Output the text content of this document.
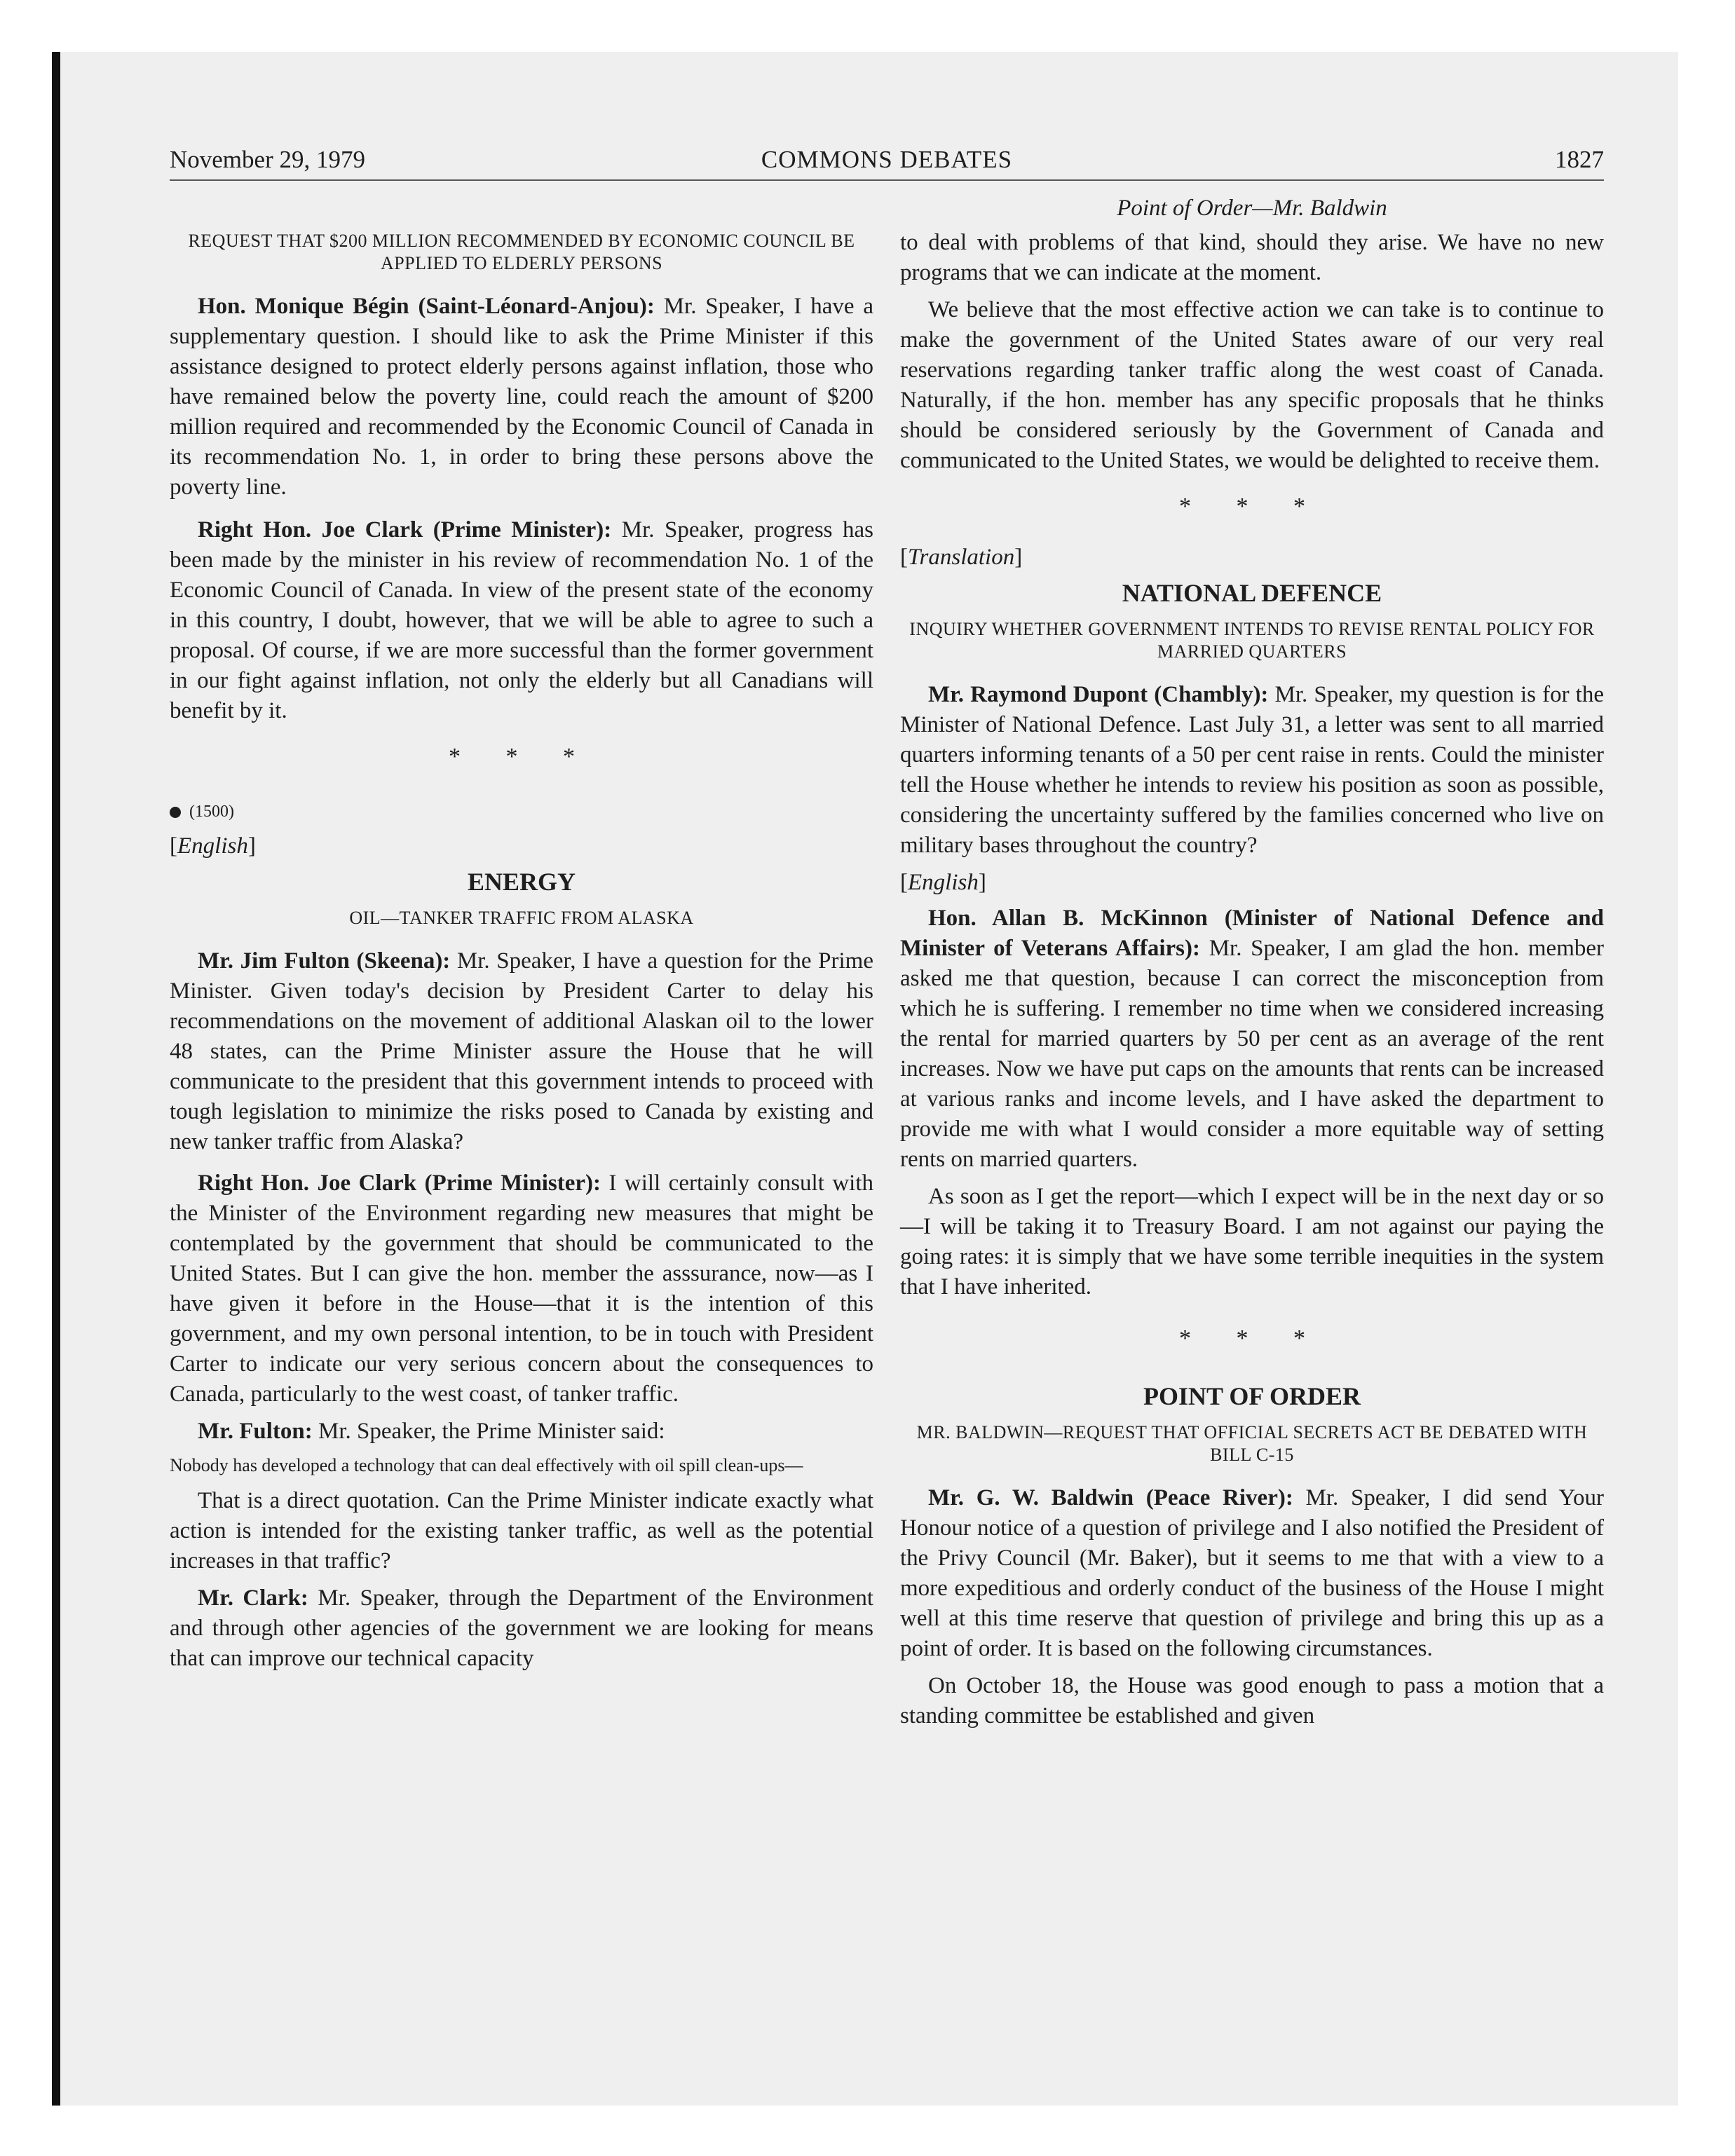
November 29, 1979	COMMONS DEBATES	1827
REQUEST THAT $200 MILLION RECOMMENDED BY ECONOMIC COUNCIL BE APPLIED TO ELDERLY PERSONS

Hon. Monique Bégin (Saint-Léonard-Anjou): Mr. Speaker, I have a supplementary question. I should like to ask the Prime Minister if this assistance designed to protect elderly persons against inflation, those who have remained below the poverty line, could reach the amount of $200 million required and recommended by the Economic Council of Canada in its recommendation No. 1, in order to bring these persons above the poverty line.

Right Hon. Joe Clark (Prime Minister): Mr. Speaker, progress has been made by the minister in his review of recommendation No. 1 of the Economic Council of Canada. In view of the present state of the economy in this country, I doubt, however, that we will be able to agree to such a proposal. Of course, if we are more successful than the former government in our fight against inflation, not only the elderly but all Canadians will benefit by it.

* * *
(1500)
[ English ]
ENERGY
OIL—TANKER TRAFFIC FROM ALASKA

Mr. Jim Fulton (Skeena): Mr. Speaker, I have a question for the Prime Minister. Given today's decision by President Carter to delay his recommendations on the movement of additional Alaskan oil to the lower 48 states, can the Prime Minister assure the House that he will communicate to the president that this government intends to proceed with tough legislation to minimize the risks posed to Canada by existing and new tanker traffic from Alaska?

Right Hon. Joe Clark (Prime Minister): I will certainly consult with the Minister of the Environment regarding new measures that might be contemplated by the government that should be communicated to the United States. But I can give the hon. member the asssurance, now—as I have given it before in the House—that it is the intention of this government, and my own personal intention, to be in touch with President Carter to indicate our very serious concern about the consequences to Canada, particularly to the west coast, of tanker traffic.

Mr. Fulton: Mr. Speaker, the Prime Minister said:

Nobody has developed a technology that can deal effectively with oil spill clean-ups—

That is a direct quotation. Can the Prime Minister indicate exactly what action is intended for the existing tanker traffic, as well as the potential increases in that traffic?

Mr. Clark: Mr. Speaker, through the Department of the Environment and through other agencies of the government we are looking for means that can improve our technical capacity

Point of Order—Mr. Baldwin

to deal with problems of that kind, should they arise. We have no new programs that we can indicate at the moment.

We believe that the most effective action we can take is to continue to make the government of the United States aware of our very real reservations regarding tanker traffic along the west coast of Canada. Naturally, if the hon. member has any specific proposals that he thinks should be considered seriously by the Government of Canada and communicated to the United States, we would be delighted to receive them.

* * *
[ Translation ]
NATIONAL DEFENCE
INQUIRY WHETHER GOVERNMENT INTENDS TO REVISE RENTAL POLICY FOR MARRIED QUARTERS

Mr. Raymond Dupont (Chambly): Mr. Speaker, my question is for the Minister of National Defence. Last July 31, a letter was sent to all married quarters informing tenants of a 50 per cent raise in rents. Could the minister tell the House whether he intends to review his position as soon as possible, considering the uncertainty suffered by the families concerned who live on military bases throughout the country?

[ English ]

Hon. Allan B. McKinnon (Minister of National Defence and Minister of Veterans Affairs): Mr. Speaker, I am glad the hon. member asked me that question, because I can correct the misconception from which he is suffering. I remember no time when we considered increasing the rental for married quarters by 50 per cent as an average of the rent increases. Now we have put caps on the amounts that rents can be increased at various ranks and income levels, and I have asked the department to provide me with what I would consider a more equitable way of setting rents on married quarters.

As soon as I get the report—which I expect will be in the next day or so—I will be taking it to Treasury Board. I am not against our paying the going rates: it is simply that we have some terrible inequities in the system that I have inherited.

* * *
POINT OF ORDER
MR. BALDWIN—REQUEST THAT OFFICIAL SECRETS ACT BE DEBATED WITH BILL C-15

Mr. G. W. Baldwin (Peace River): Mr. Speaker, I did send Your Honour notice of a question of privilege and I also notified the President of the Privy Council (Mr. Baker), but it seems to me that with a view to a more expeditious and orderly conduct of the business of the House I might well at this time reserve that question of privilege and bring this up as a point of order. It is based on the following circumstances.

On October 18, the House was good enough to pass a motion that a standing committee be established and given
